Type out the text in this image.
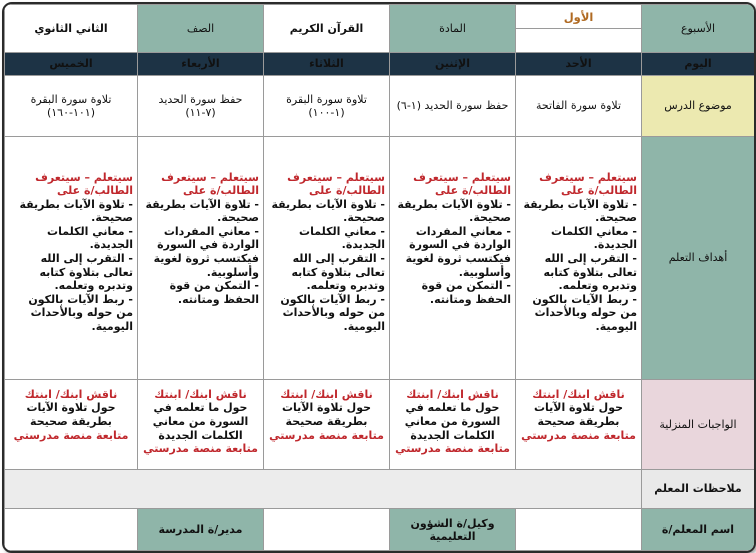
الأسبوع	الأول	المادة	القرآن الكريم	الصف	الثاني الثانوي
اليوم	الأحد	الإثنين	الثلاثاء	الأربعاء	الخميس
موضوع الدرس	تلاوة سورة الفاتحة	حفظ سورة الحديد (١-٦)	تلاوة سورة البقرة (١-١٠٠)	حفظ سورة الحديد (٧-١١)	تلاوة سورة البقرة (١٠١-١٦٠)
أهداف التعلم	سيتعلم – سيتعرف الطالب/ة على
- تلاوة الآيات بطريقة صحيحة.
- معاني الكلمات الجديدة.
- التقرب إلى الله تعالى بتلاوة كتابه وتدبره وتعلمه.
- ربط الآيات بالكون من حوله وبالأحداث اليومية.	سيتعلم – سيتعرف الطالب/ة على
- تلاوة الآيات بطريقة صحيحة.
- معاني المفردات الواردة في السورة فيكتسب ثروة لغوية وأسلوبية.
- التمكن من قوة الحفظ ومتانته.	سيتعلم – سيتعرف الطالب/ة على
- تلاوة الآيات بطريقة صحيحة.
- معاني الكلمات الجديدة.
- التقرب إلى الله تعالى بتلاوة كتابه وتدبره وتعلمه.
- ربط الآيات بالكون من حوله وبالأحداث اليومية.	سيتعلم – سيتعرف الطالب/ة على
- تلاوة الآيات بطريقة صحيحة.
- معاني المفردات الواردة في السورة فيكتسب ثروة لغوية وأسلوبية.
- التمكن من قوة الحفظ ومتانته.	سيتعلم – سيتعرف الطالب/ة على
- تلاوة الآيات بطريقة صحيحة.
- معاني الكلمات الجديدة.
- التقرب إلى الله تعالى بتلاوة كتابه وتدبره وتعلمه.
- ربط الآيات بالكون من حوله وبالأحداث اليومية.

الواجبات المنزلية	ناقش ابنك/ ابنتك
حول تلاوة الآيات بطريقة صحيحة
متابعة منصة مدرستي	ناقش ابنك/ ابنتك
حول ما تعلمه في السورة من معاني الكلمات الجديدة
متابعة منصة مدرستي	ناقش ابنك/ ابنتك
حول تلاوة الآيات بطريقة صحيحة
متابعة منصة مدرستي	ناقش ابنك/ ابنتك
حول ما تعلمه في السورة من معاني الكلمات الجديدة
متابعة منصة مدرستي	ناقش ابنك/ ابنتك
حول تلاوة الآيات بطريقة صحيحة
متابعة منصة مدرستي

ملاحظات المعلم					
اسم المعلم/ة		وكيل/ة الشؤون التعليمية		مدير/ة المدرسة	
